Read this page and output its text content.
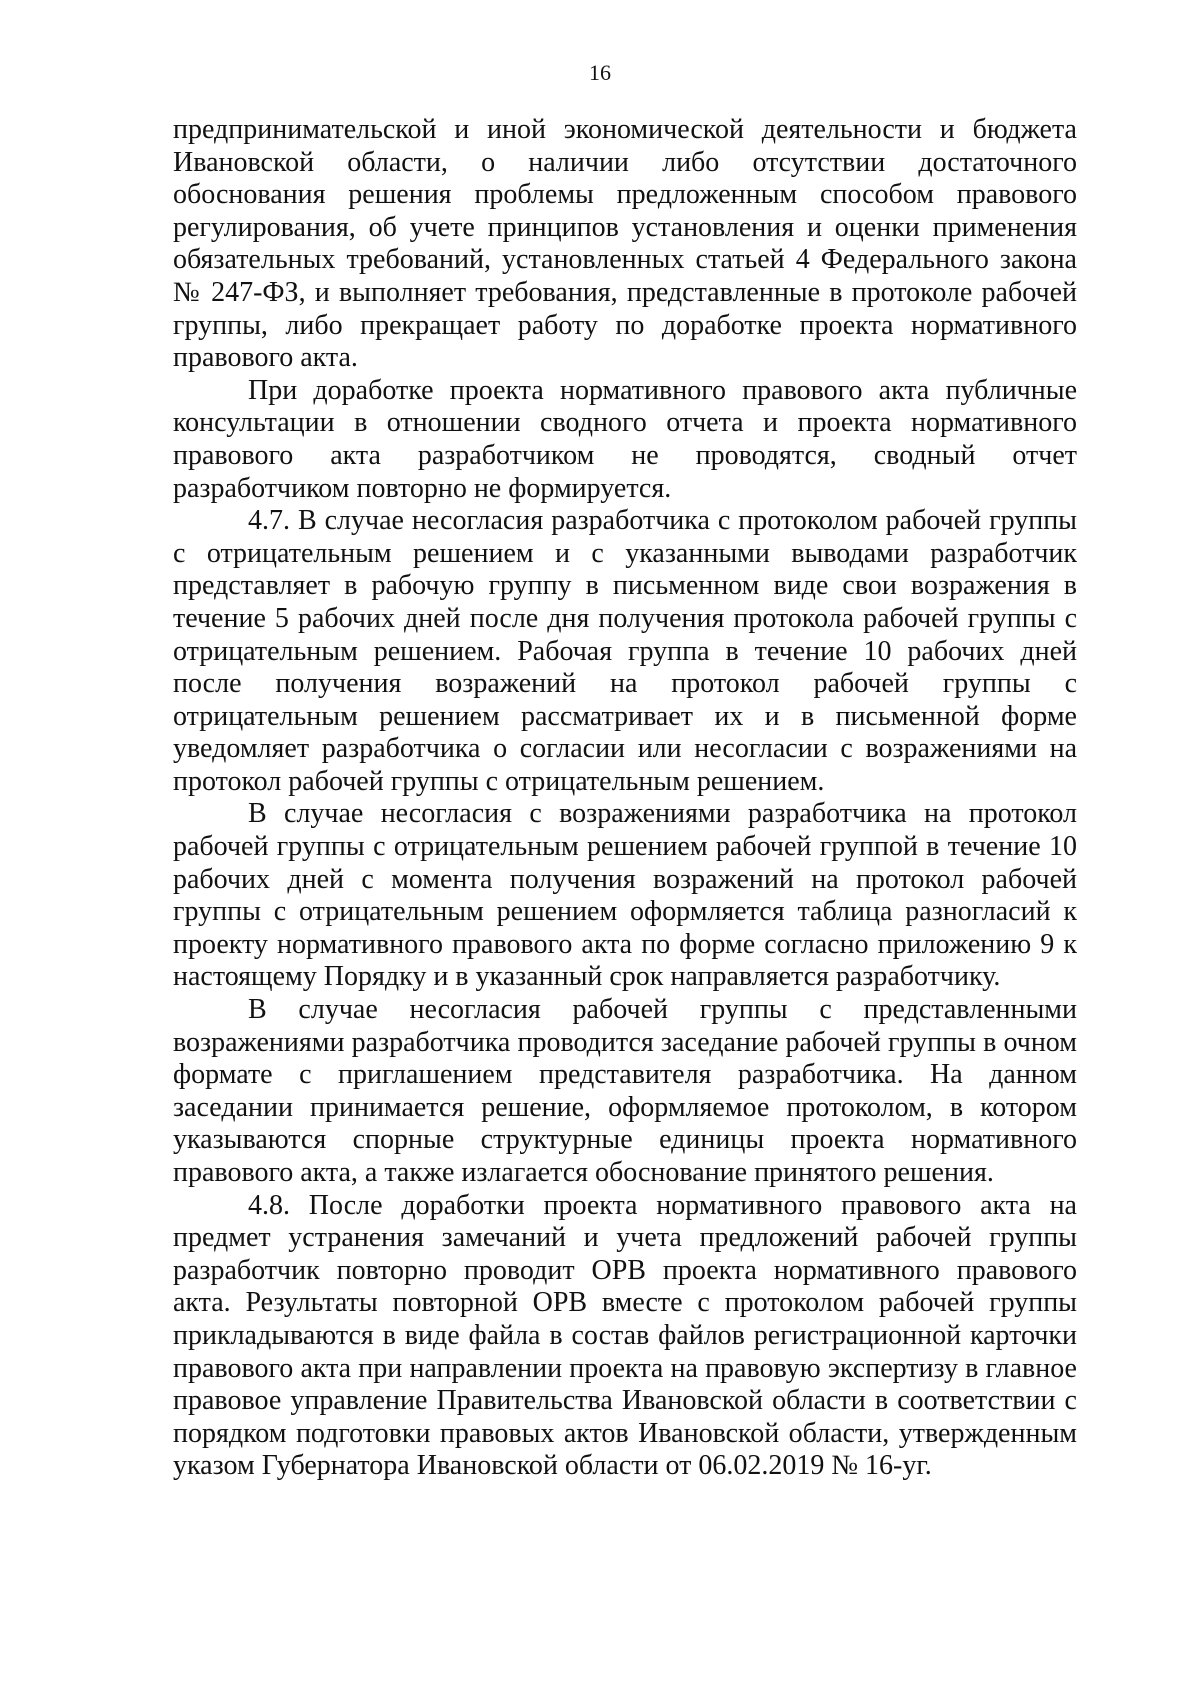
16

предпринимательской и иной экономической деятельности и бюджета Ивановской области, о наличии либо отсутствии достаточного обоснования решения проблемы предложенным способом правового регулирования, об учете принципов установления и оценки применения обязательных требований, установленных статьей 4 Федерального закона № 247-ФЗ, и выполняет требования, представленные в протоколе рабочей группы, либо прекращает работу по доработке проекта нормативного правового акта.

При доработке проекта нормативного правового акта публичные консультации в отношении сводного отчета и проекта нормативного правового акта разработчиком не проводятся, сводный отчет разработчиком повторно не формируется.

4.7. В случае несогласия разработчика с протоколом рабочей группы с отрицательным решением и с указанными выводами разработчик представляет в рабочую группу в письменном виде свои возражения в течение 5 рабочих дней после дня получения протокола рабочей группы с отрицательным решением. Рабочая группа в течение 10 рабочих дней после получения возражений на протокол рабочей группы с отрицательным решением рассматривает их и в письменной форме уведомляет разработчика о согласии или несогласии с возражениями на протокол рабочей группы с отрицательным решением.

В случае несогласия с возражениями разработчика на протокол рабочей группы с отрицательным решением рабочей группой в течение 10 рабочих дней с момента получения возражений на протокол рабочей группы с отрицательным решением оформляется таблица разногласий к проекту нормативного правового акта по форме согласно приложению 9 к настоящему Порядку и в указанный срок направляется разработчику.

В случае несогласия рабочей группы с представленными возражениями разработчика проводится заседание рабочей группы в очном формате с приглашением представителя разработчика. На данном заседании принимается решение, оформляемое протоколом, в котором указываются спорные структурные единицы проекта нормативного правового акта, а также излагается обоснование принятого решения.

4.8. После доработки проекта нормативного правового акта на предмет устранения замечаний и учета предложений рабочей группы разработчик повторно проводит ОРВ проекта нормативного правового акта. Результаты повторной ОРВ вместе с протоколом рабочей группы прикладываются в виде файла в состав файлов регистрационной карточки правового акта при направлении проекта на правовую экспертизу в главное правовое управление Правительства Ивановской области в соответствии с порядком подготовки правовых актов Ивановской области, утвержденным указом Губернатора Ивановской области от 06.02.2019 № 16-уг.
